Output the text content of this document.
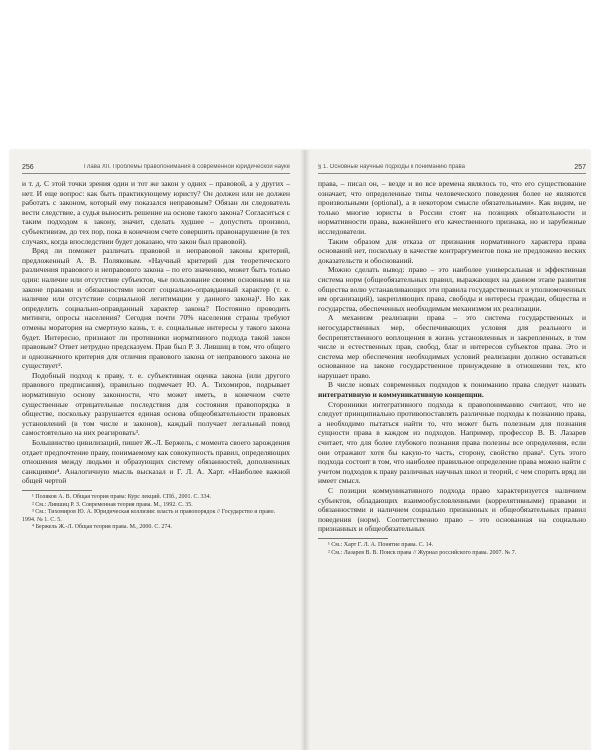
256	Глава XII. Проблемы правопонимания в современной юридической науке

и т. д. С этой точки зрения один и тот же закон у одних – правовой, а у других – нет. И еще вопрос: как быть практикующему юристу? Он должен или не должен работать с законом, который ему показался неправовым? Обязан ли следователь вести следствие, а судья выносить решение на основе такого закона? Согласиться с таким подходом к закону, значит, сделать худшее – допустить произвол, субъективизм, до тех пор, пока в конечном счете совершить правонарушение (в тех случаях, когда впоследствии будет доказано, что закон был правовой).

Вряд ли поможет различать правовой и неправовой законы критерий, предложенный А. В. Поляковым. «Научный критерий для теоретического различения правового и неправового закона – по его значению, может быть только один: наличие или отсутствие субъектов, чье пользование своими основными и на законе правами и обязанностями носит социально-оправданный характер (т. е. наличие или отсутствие социальной легитимации у данного закона)¹. Но как определить социально-оправданный характер закона? Постоянно проводить митинги, опросы населения? Сегодня почти 70% населения страны требуют отмены моратория на смертную казнь, т. е. социальные интересы у такого закона будет. Интересно, признают ли противники нормативного подхода такой закон правовым? Ответ нетрудно предсказуем. Прав был Р. З. Лившиц в том, что общего и однозначного критерия для отличия правового закона от неправового закона не существует².

Подобный подход к праву, т. е. субъективная оценка закона (или другого правового предписания), правильно подмечает Ю. А. Тихомиров, подрывает нормативную основу законности, что может иметь, в конечном счете существенные отрицательные последствия для состояния правопорядка в обществе, поскольку разрушается единая основа общеобязательности правовых установлений (в том числе и законов), каждый получает легальный повод самостоятельно на них реагировать³.

Большинство цивилизаций, пишет Ж.-Л. Бержель, с момента своего зарождения отдает предпочтение праву, понимаемому как совокупность правил, определяющих отношения между людьми и образующих систему обязанностей, дополненных санкциями⁴. Аналогичную мысль высказал и Г. Л. А. Харт. «Наиболее важной общей чертой

¹ Поляков А. В. Общая теория права: Курс лекций. СПб., 2001. С. 334.

² См.: Лившиц Р. З. Современная теория права. М., 1992. С. 35.

³ См.: Тихомиров Ю. А. Юридическая коллизия: власть и правопорядок // Государство и право. 1994. № 1. С. 5.

⁴ Бержель Ж.-Л. Общая теория права. М., 2000. С. 274.

§ 1. Основные научные подходы к пониманию права	257

права, – писал он, – везде и во все времена являлось то, что его существование означает, что определенные типы человеческого поведения более не являются произвольными (optional), а в некотором смысле обязательными». Как видим, не только многие юристы в России стоят на позициях обязательности и нормативности права, важнейшего его качественного признака, но и зарубежные исследователи.

Таким образом для отказа от признания нормативного характера права оснований нет, поскольку в качестве контраргументов пока не предложено веских доказательств и обоснований.

Можно сделать вывод: право – это наиболее универсальная и эффективная система норм (общеобязательных правил, выражающих на данном этапе развития общества волю устанавливающих эти правила государственных и уполномоченных им организаций), закрепляющих права, свободы и интересы граждан, общества и государства, обеспеченных необходимым механизмом их реализации.

А механизм реализации права – это система государственных и негосударственных мер, обеспечивающих условия для реального и беспрепятственного воплощения в жизнь установленных и закрепленных, в том числе и естественных прав, свобод, благ и интересов субъектов права. Это и система мер обеспечения необходимых условий реализации должно оставаться основанное на законе государственное принуждение в отношении тех, кто нарушает право.

В числе новых современных подходов к пониманию права следует назвать интегративную и коммуникативную концепции.

Сторонники интегративного подхода к правопониманию считают, что не следует принципиально противопоставлять различные подходы к познанию права, а необходимо пытаться найти то, что может быть полезным для познания сущности права в каждом из подходов. Например, профессор В. В. Лазарев считает, что для более глубокого познания права полезны все определения, если они отражают хотя бы какую-то часть, сторону, свойство права¹. Суть этого подхода состоит в том, что наиболее правильное определение права можно найти с учетом подходов к праву различных научных школ и теорий, с чем спорить вряд ли имеет смысл.

С позиции коммуникативного подхода право характеризуется наличием субъектов, обладающих взаимообусловленными (коррелятивными) правами и обязанностями и наличием социально признанных и общеобязательных правил поведения (норм). Соответственно право – это основанная на социально признанных и общеобязательных

¹ См.: Харт Г. Л. А. Понятие права. С. 14.

² См.: Лазарев В. В. Поиск права // Журнал российского права. 2007. № 7.
